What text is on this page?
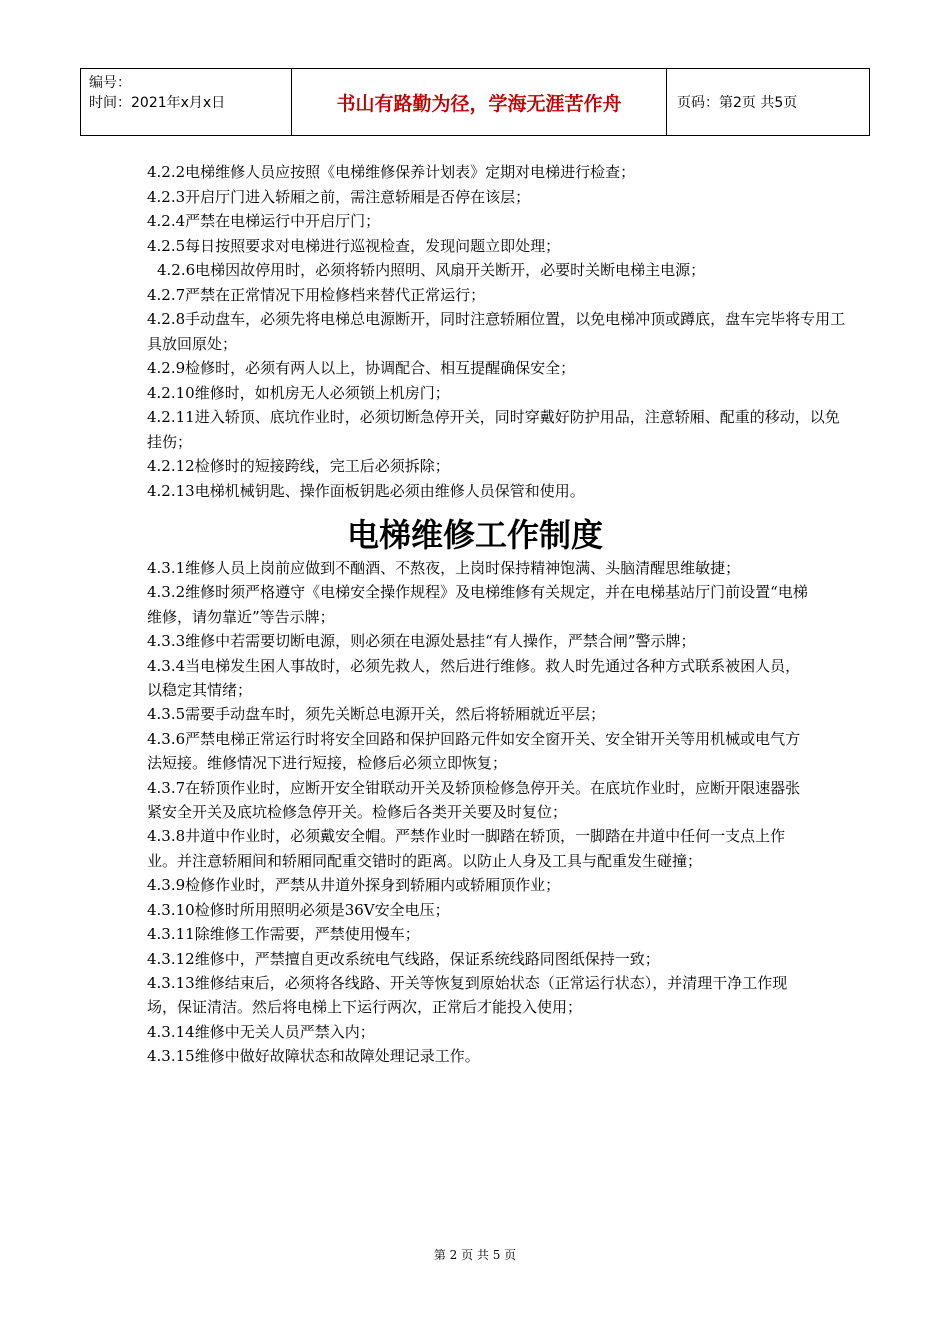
编号：
时间：2021年x月x日	书山有路勤为径，学海无涯苦作舟	页码：第2页 共5页

4.2.2电梯维修人员应按照《电梯维修保养计划表》定期对电梯进行检查；

4.2.3开启厅门进入轿厢之前，需注意轿厢是否停在该层；

4.2.4严禁在电梯运行中开启厅门；

4.2.5每日按照要求对电梯进行巡视检查，发现问题立即处理；

4.2.6电梯因故停用时，必须将轿内照明、风扇开关断开，必要时关断电梯主电源；

4.2.7严禁在正常情况下用检修档来替代正常运行；

4.2.8手动盘车，必须先将电梯总电源断开，同时注意轿厢位置，以免电梯冲顶或蹲底，盘车完毕将专用工具放回原处；

4.2.9检修时，必须有两人以上，协调配合、相互提醒确保安全；

4.2.10维修时，如机房无人必须锁上机房门；

4.2.11进入轿顶、底坑作业时，必须切断急停开关，同时穿戴好防护用品，注意轿厢、配重的移动，以免挂伤；

4.2.12检修时的短接跨线，完工后必须拆除；

4.2.13电梯机械钥匙、操作面板钥匙必须由维修人员保管和使用。

电梯维修工作制度

4.3.1维修人员上岗前应做到不酗酒、不熬夜，上岗时保持精神饱满、头脑清醒思维敏捷；

4.3.2维修时须严格遵守《电梯安全操作规程》及电梯维修有关规定，并在电梯基站厅门前设置“电梯维修，请勿靠近”等告示牌；

4.3.3维修中若需要切断电源，则必须在电源处悬挂“有人操作，严禁合闸”警示牌；

4.3.4当电梯发生困人事故时，必须先救人，然后进行维修。救人时先通过各种方式联系被困人员，以稳定其情绪；

4.3.5需要手动盘车时，须先关断总电源开关，然后将轿厢就近平层；

4.3.6严禁电梯正常运行时将安全回路和保护回路元件如安全窗开关、安全钳开关等用机械或电气方法短接。维修情况下进行短接，检修后必须立即恢复；

4.3.7在轿顶作业时，应断开安全钳联动开关及轿顶检修急停开关。在底坑作业时，应断开限速器张紧安全开关及底坑检修急停开关。检修后各类开关要及时复位；

4.3.8井道中作业时，必须戴安全帽。严禁作业时一脚踏在轿顶，一脚踏在井道中任何一支点上作业。并注意轿厢间和轿厢同配重交错时的距离。以防止人身及工具与配重发生碰撞；

4.3.9检修作业时，严禁从井道外探身到轿厢内或轿厢顶作业；

4.3.10检修时所用照明必须是36V安全电压；

4.3.11除维修工作需要，严禁使用慢车；

4.3.12维修中，严禁擅自更改系统电气线路，保证系统线路同图纸保持一致；

4.3.13维修结束后，必须将各线路、开关等恢复到原始状态（正常运行状态），并清理干净工作现场，保证清洁。然后将电梯上下运行两次，正常后才能投入使用；

4.3.14维修中无关人员严禁入内；

4.3.15维修中做好故障状态和故障处理记录工作。

第 2 页 共 5 页
